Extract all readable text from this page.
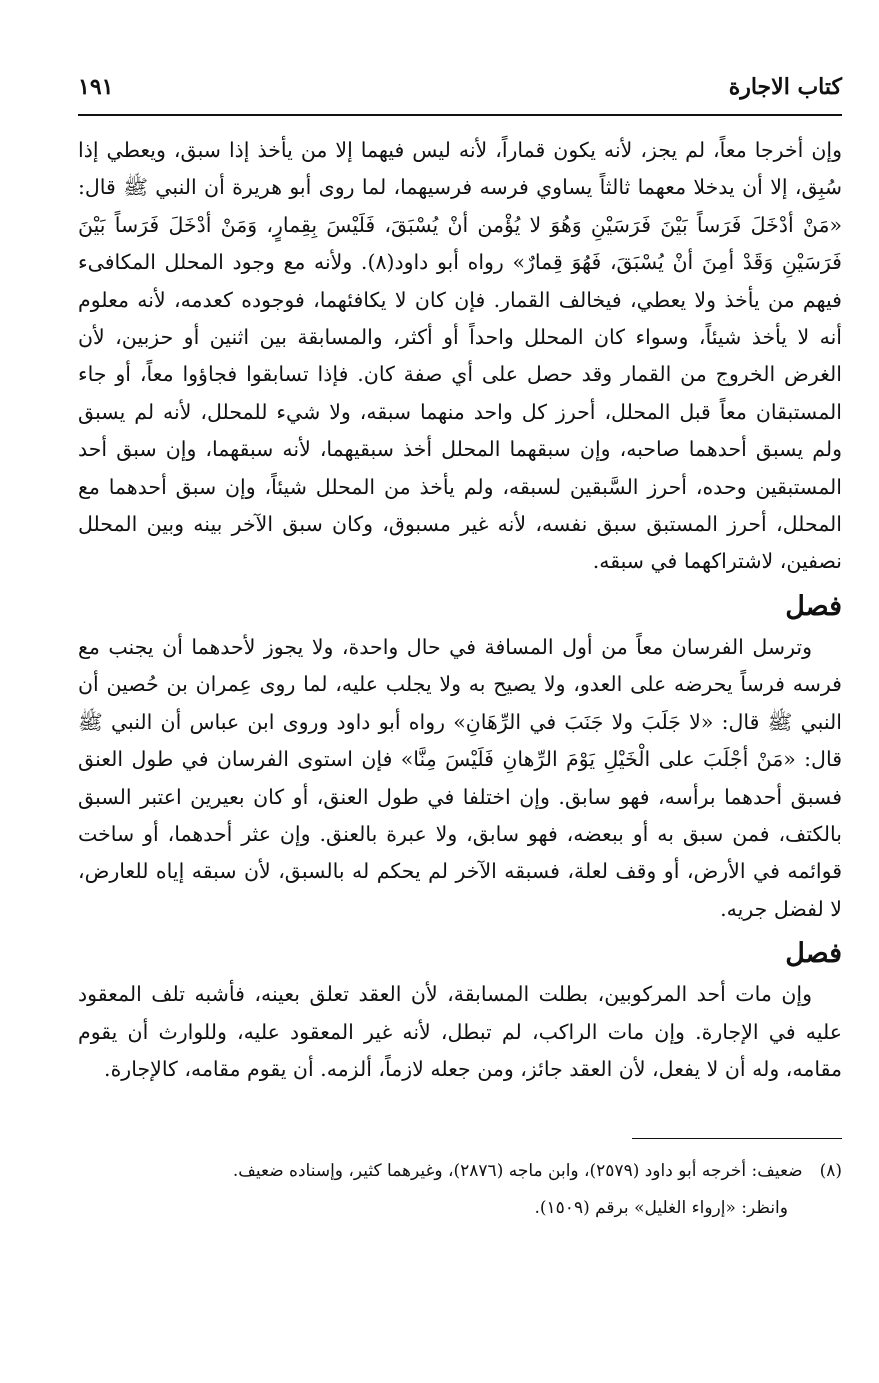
كتاب الاجارة
١٩١

وإن أخرجا معاً، لم يجز، لأنه يكون قماراً، لأنه ليس فيهما إلا من يأخذ إذا سبق، ويعطي إذا سُبِق، إلا أن يدخلا معهما ثالثاً يساوي فرسه فرسيهما، لما روى أبو هريرة أن النبي ﷺ قال: «مَنْ أدْخَلَ فَرَساً بَيْنَ فَرَسَيْنِ وَهُوَ لا يُؤْمن أنْ يُسْبَقَ، فَلَيْسَ بِقِمارٍ، وَمَنْ أدْخَلَ فَرَساً بَيْنَ فَرَسَيْنِ وَقَدْ أمِنَ أنْ يُسْبَقَ، فَهُوَ قِمارٌ» رواه أبو داود(٨). ولأنه مع وجود المحلل المكافىء فيهم من يأخذ ولا يعطي، فيخالف القمار. فإن كان لا يكافئهما، فوجوده كعدمه، لأنه معلوم أنه لا يأخذ شيئاً، وسواء كان المحلل واحداً أو أكثر، والمسابقة بين اثنين أو حزبين، لأن الغرض الخروج من القمار وقد حصل على أي صفة كان. فإذا تسابقوا فجاؤوا معاً، أو جاء المستبقان معاً قبل المحلل، أحرز كل واحد منهما سبقه، ولا شيء للمحلل، لأنه لم يسبق ولم يسبق أحدهما صاحبه، وإن سبقهما المحلل أخذ سبقيهما، لأنه سبقهما، وإن سبق أحد المستبقين وحده، أحرز السَّبقين لسبقه، ولم يأخذ من المحلل شيئاً، وإن سبق أحدهما مع المحلل، أحرز المستبق سبق نفسه، لأنه غير مسبوق، وكان سبق الآخر بينه وبين المحلل نصفين، لاشتراكهما في سبقه.

فصل

وترسل الفرسان معاً من أول المسافة في حال واحدة، ولا يجوز لأحدهما أن يجنب مع فرسه فرساً يحرضه على العدو، ولا يصيح به ولا يجلب عليه، لما روى عِمران بن حُصين أن النبي ﷺ قال: «لا جَلَبَ ولا جَنَبَ في الرِّهَانِ» رواه أبو داود وروى ابن عباس أن النبي ﷺ قال: «مَنْ أجْلَبَ على الْخَيْلِ يَوْمَ الرِّهانِ فَلَيْسَ مِنَّا» فإن استوى الفرسان في طول العنق فسبق أحدهما برأسه، فهو سابق. وإن اختلفا في طول العنق، أو كان بعيرين اعتبر السبق بالكتف، فمن سبق به أو ببعضه، فهو سابق، ولا عبرة بالعنق. وإن عثر أحدهما، أو ساخت قوائمه في الأرض، أو وقف لعلة، فسبقه الآخر لم يحكم له بالسبق، لأن سبقه إياه للعارض، لا لفضل جريه.

فصل

وإن مات أحد المركوبين، بطلت المسابقة، لأن العقد تعلق بعينه، فأشبه تلف المعقود عليه في الإجارة. وإن مات الراكب، لم تبطل، لأنه غير المعقود عليه، وللوارث أن يقوم مقامه، وله أن لا يفعل، لأن العقد جائز، ومن جعله لازماً، ألزمه. أن يقوم مقامه، كالإجارة.

(٨) ضعيف: أخرجه أبو داود (٢٥٧٩)، وابن ماجه (٢٨٧٦)، وغيرهما كثير، وإسناده ضعيف.

وانظر: «إرواء الغليل» برقم (١٥٠٩).
